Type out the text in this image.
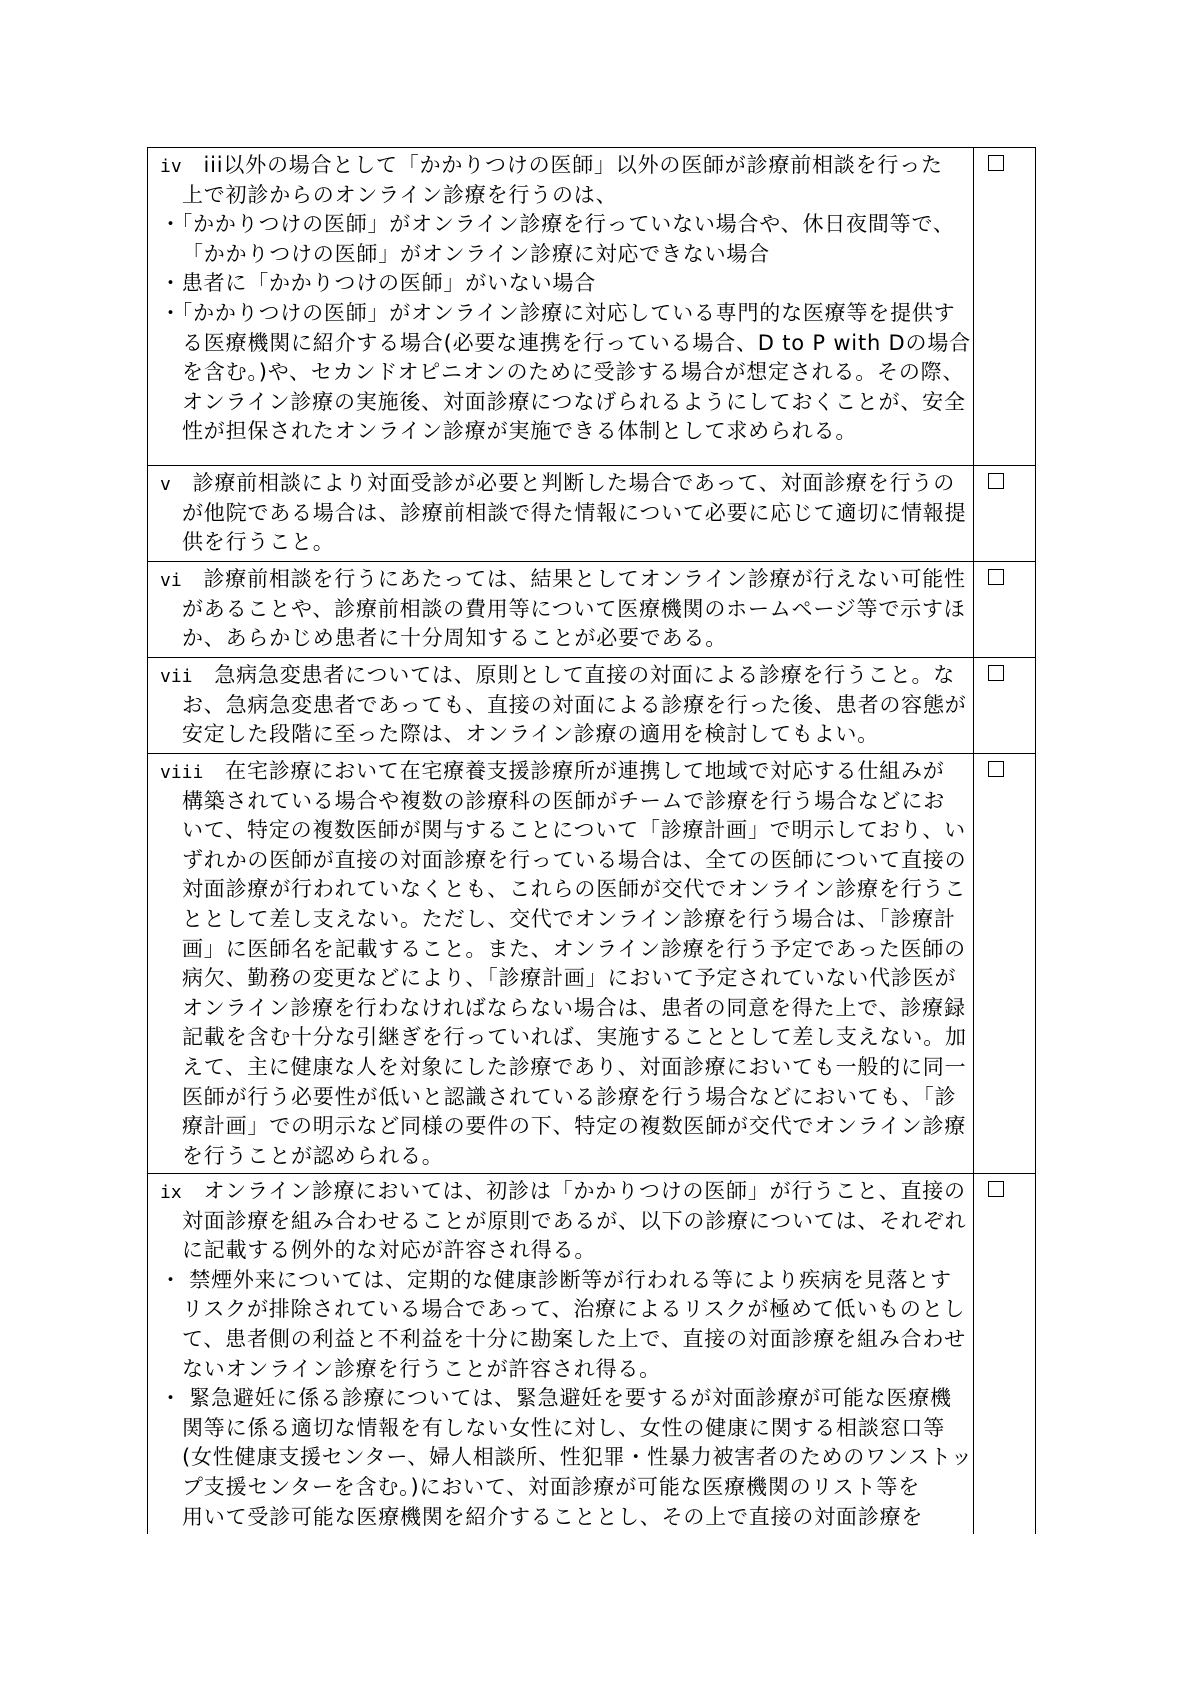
iv　iii以外の場合として「かかりつけの医師」以外の医師が診療前相談を行った
上で初診からのオンライン診療を行うのは、
・「かかりつけの医師」がオンライン診療を行っていない場合や、休日夜間等で、
「かかりつけの医師」がオンライン診療に対応できない場合
・患者に「かかりつけの医師」がいない場合
・「かかりつけの医師」がオンライン診療に対応している専門的な医療等を提供す
る医療機関に紹介する場合(必要な連携を行っている場合、D to P with Dの場合
を含む。)や、セカンドオピニオンのために受診する場合が想定される。その際、
オンライン診療の実施後、対面診療につなげられるようにしておくことが、安全
性が担保されたオンライン診療が実施できる体制として求められる。
v　診療前相談により対面受診が必要と判断した場合であって、対面診療を行うの
が他院である場合は、診療前相談で得た情報について必要に応じて適切に情報提
供を行うこと。
vi　診療前相談を行うにあたっては、結果としてオンライン診療が行えない可能性
があることや、診療前相談の費用等について医療機関のホームページ等で示すほ
か、あらかじめ患者に十分周知することが必要である。
vii　急病急変患者については、原則として直接の対面による診療を行うこと。な
お、急病急変患者であっても、直接の対面による診療を行った後、患者の容態が
安定した段階に至った際は、オンライン診療の適用を検討してもよい。
viii　在宅診療において在宅療養支援診療所が連携して地域で対応する仕組みが
構築されている場合や複数の診療科の医師がチームで診療を行う場合などにお
いて、特定の複数医師が関与することについて「診療計画」で明示しており、い
ずれかの医師が直接の対面診療を行っている場合は、全ての医師について直接の
対面診療が行われていなくとも、これらの医師が交代でオンライン診療を行うこ
ととして差し支えない。ただし、交代でオンライン診療を行う場合は、「診療計
画」に医師名を記載すること。また、オンライン診療を行う予定であった医師の
病欠、勤務の変更などにより、「診療計画」において予定されていない代診医が
オンライン診療を行わなければならない場合は、患者の同意を得た上で、診療録
記載を含む十分な引継ぎを行っていれば、実施することとして差し支えない。加
えて、主に健康な人を対象にした診療であり、対面診療においても一般的に同一
医師が行う必要性が低いと認識されている診療を行う場合などにおいても、「診
療計画」での明示など同様の要件の下、特定の複数医師が交代でオンライン診療
を行うことが認められる。
ix　オンライン診療においては、初診は「かかりつけの医師」が行うこと、直接の
対面診療を組み合わせることが原則であるが、以下の診療については、それぞれ
に記載する例外的な対応が許容され得る。
・ 禁煙外来については、定期的な健康診断等が行われる等により疾病を見落とす
リスクが排除されている場合であって、治療によるリスクが極めて低いものとし
て、患者側の利益と不利益を十分に勘案した上で、直接の対面診療を組み合わせ
ないオンライン診療を行うことが許容され得る。
・ 緊急避妊に係る診療については、緊急避妊を要するが対面診療が可能な医療機
関等に係る適切な情報を有しない女性に対し、女性の健康に関する相談窓口等
(女性健康支援センター、婦人相談所、性犯罪・性暴力被害者のためのワンストッ
プ支援センターを含む。)において、対面診療が可能な医療機関のリスト等を
用いて受診可能な医療機関を紹介することとし、その上で直接の対面診療を
